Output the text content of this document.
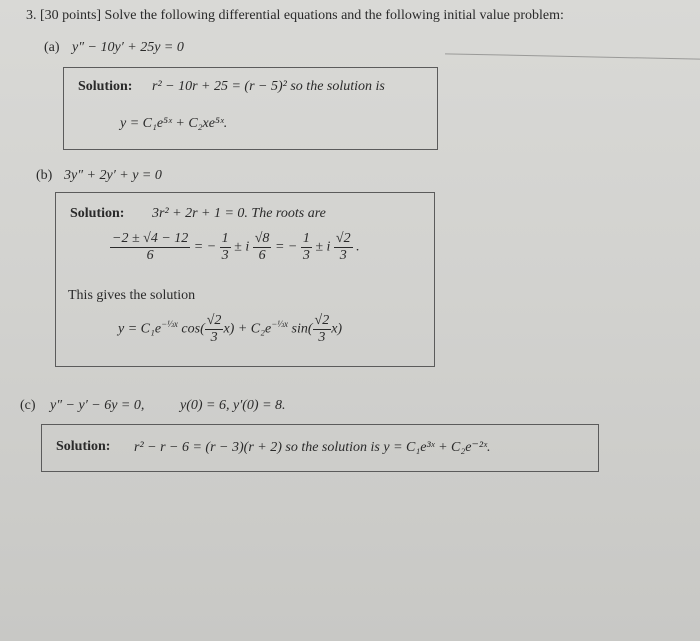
3. [30 points] Solve the following differential equations and the following initial value problem:
(a) y″ − 10y′ + 25y = 0
Solution: r² − 10r + 25 = (r − 5)² so the solution is
y = C₁e⁵ˣ + C₂xe⁵ˣ.
(b) 3y″ + 2y′ + y = 0
Solution: 3r² + 2r + 1 = 0. The roots are
$\frac{-2 \pm √4 - 12}{6}$ = − $\frac{1}{3} \pm i \frac{√8}{6}$ = − $\frac{1}{3} \pm i \frac{√2}{3}$ .
This gives the solution
$y = C_1e^{-\frac{1}{3}x}$ $\cos( \frac{√2}{3} x) + C_2e^{-\frac{1}{3}x}$ $\sin( \frac{√2}{3} x)$
(c) y″ − y′ − 6y = 0,	y(0) = 6, y′(0) = 8.
Solution: r² − r − 6 = (r − 3)(r + 2) so the solution is y = C₁e³ˣ + C₂e⁻²ˣ.
